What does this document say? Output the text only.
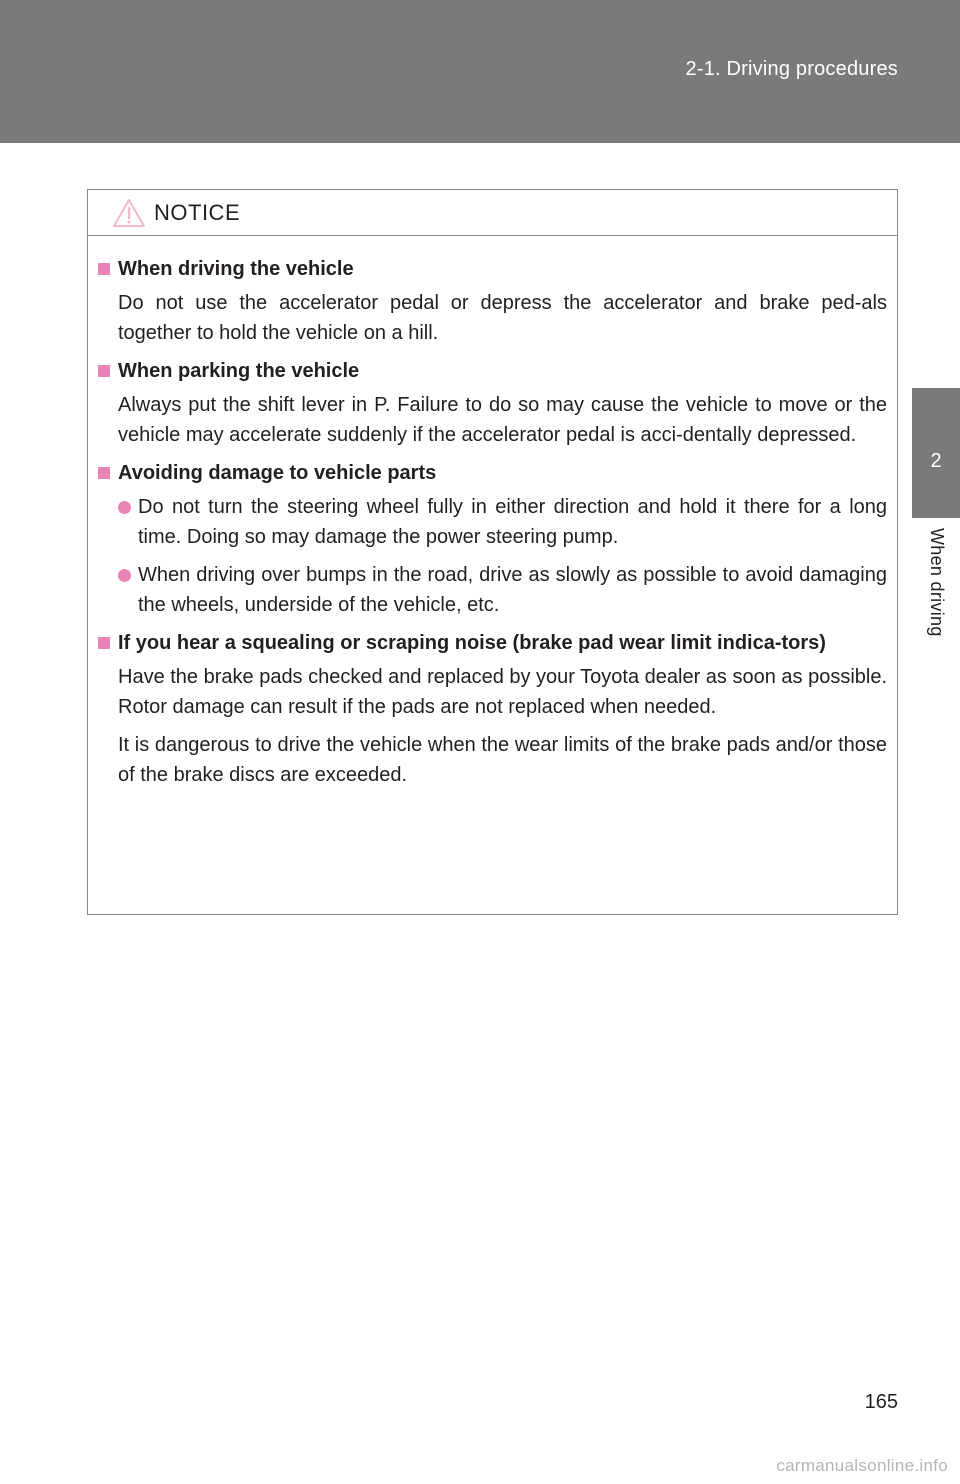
2-1. Driving procedures
2
When driving
NOTICE

When driving the vehicle

Do not use the accelerator pedal or depress the accelerator and brake ped-als together to hold the vehicle on a hill.

When parking the vehicle

Always put the shift lever in P. Failure to do so may cause the vehicle to move or the vehicle may accelerate suddenly if the accelerator pedal is acci-dentally depressed.

Avoiding damage to vehicle parts

Do not turn the steering wheel fully in either direction and hold it there for a long time. Doing so may damage the power steering pump.

When driving over bumps in the road, drive as slowly as possible to avoid damaging the wheels, underside of the vehicle, etc.

If you hear a squealing or scraping noise (brake pad wear limit indica-tors)

Have the brake pads checked and replaced by your Toyota dealer as soon as possible.
Rotor damage can result if the pads are not replaced when needed.

It is dangerous to drive the vehicle when the wear limits of the brake pads and/or those of the brake discs are exceeded.

165
carmanualsonline.info
